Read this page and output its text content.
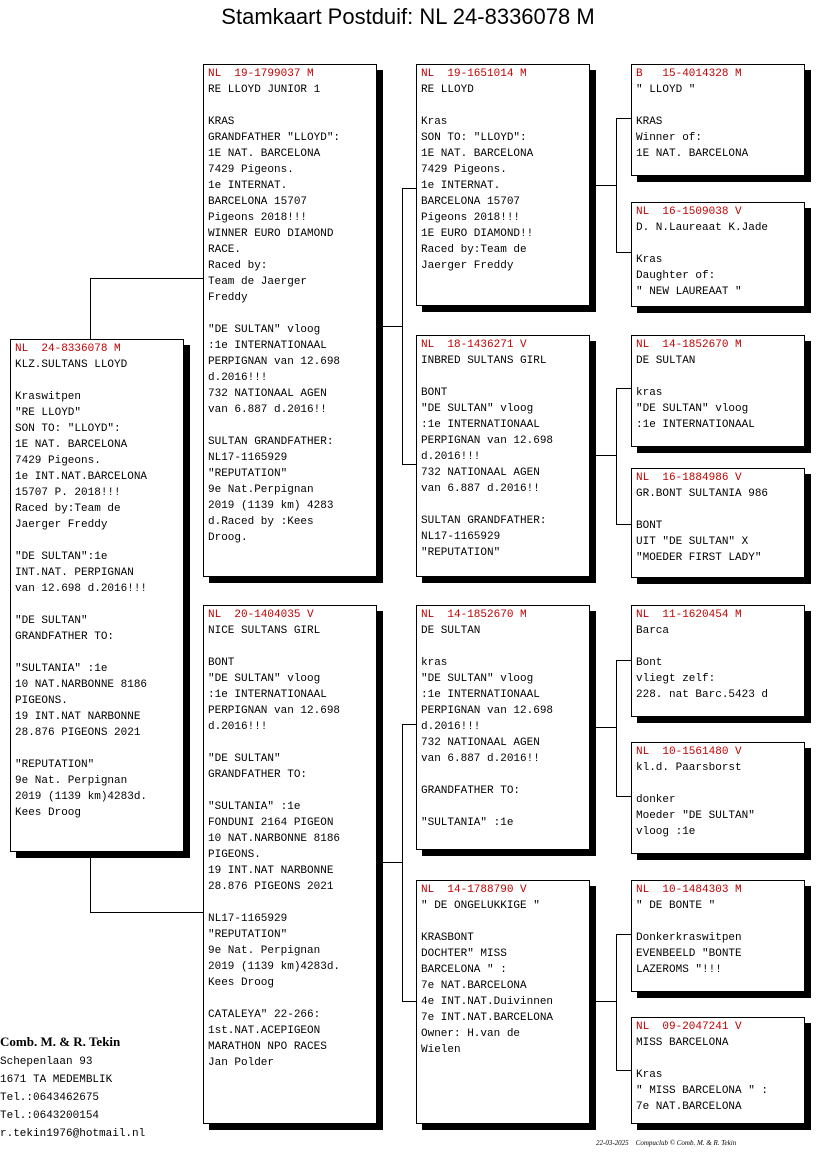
Stamkaart Postduif: NL 24-8336078 M
NL  24-8336078 M
KLZ.SULTANS LLOYD

Kraswitpen
"RE LLOYD"
SON TO: "LLOYD":
1E NAT. BARCELONA
7429 Pigeons.
1e INT.NAT.BARCELONA
15707 P. 2018!!!
Raced by:Team de
Jaerger Freddy

"DE SULTAN":1e
INT.NAT. PERPIGNAN
van 12.698 d.2016!!!

"DE SULTAN"
GRANDFATHER TO:

"SULTANIA" :1e
10 NAT.NARBONNE 8186
PIGEONS.
19 INT.NAT NARBONNE
28.876 PIGEONS 2021

"REPUTATION"
9e Nat. Perpignan
2019 (1139 km)4283d.
Kees Droog
NL  19-1799037 M
RE LLOYD JUNIOR 1

KRAS
GRANDFATHER "LLOYD":
1E NAT. BARCELONA
7429 Pigeons.
1e INTERNAT.
BARCELONA 15707
Pigeons 2018!!!
WINNER EURO DIAMOND
RACE.
Raced by:
Team de Jaerger
Freddy

"DE SULTAN" vloog
:1e INTERNATIONAAL
PERPIGNAN van 12.698
d.2016!!!
732 NATIONAAL AGEN
van 6.887 d.2016!!

SULTAN GRANDFATHER:
NL17-1165929
"REPUTATION"
9e Nat.Perpignan
2019 (1139 km) 4283
d.Raced by :Kees
Droog.
NL  20-1404035 V
NICE SULTANS GIRL

BONT
"DE SULTAN" vloog
:1e INTERNATIONAAL
PERPIGNAN van 12.698
d.2016!!!

"DE SULTAN"
GRANDFATHER TO:

"SULTANIA" :1e
FONDUNI 2164 PIGEON
10 NAT.NARBONNE 8186
PIGEONS.
19 INT.NAT NARBONNE
28.876 PIGEONS 2021

NL17-1165929
"REPUTATION"
9e Nat. Perpignan
2019 (1139 km)4283d.
Kees Droog

CATALEYA" 22-266:
1st.NAT.ACEPIGEON
MARATHON NPO RACES
Jan Polder
NL  19-1651014 M
RE LLOYD

Kras
SON TO: "LLOYD":
1E NAT. BARCELONA
7429 Pigeons.
1e INTERNAT.
BARCELONA 15707
Pigeons 2018!!!
1E EURO DIAMOND!!
Raced by:Team de
Jaerger Freddy
NL  18-1436271 V
INBRED SULTANS GIRL

BONT
"DE SULTAN" vloog
:1e INTERNATIONAAL
PERPIGNAN van 12.698
d.2016!!!
732 NATIONAAL AGEN
van 6.887 d.2016!!

SULTAN GRANDFATHER:
NL17-1165929
"REPUTATION"
NL  14-1852670 M
DE SULTAN

kras
"DE SULTAN" vloog
:1e INTERNATIONAAL
PERPIGNAN van 12.698
d.2016!!!
732 NATIONAAL AGEN
van 6.887 d.2016!!

GRANDFATHER TO:

"SULTANIA" :1e
NL  14-1788790 V
" DE ONGELUKKIGE "

KRASBONT
DOCHTER" MISS
BARCELONA " :
7e NAT.BARCELONA
4e INT.NAT.Duivinnen
7e INT.NAT.BARCELONA
Owner: H.van de
Wielen
B   15-4014328 M
" LLOYD "

KRAS
Winner of:
1E NAT. BARCELONA
NL  16-1509038 V
D. N.Laureaat K.Jade

Kras
Daughter of:
" NEW LAUREAAT "
NL  14-1852670 M
DE SULTAN

kras
"DE SULTAN" vloog
:1e INTERNATIONAAL
NL  16-1884986 V
GR.BONT SULTANIA 986

BONT
UIT "DE SULTAN" X
"MOEDER FIRST LADY"
NL  11-1620454 M
Barca

Bont
vliegt zelf:
228. nat Barc.5423 d
NL  10-1561480 V
kl.d. Paarsborst

donker
Moeder "DE SULTAN"
vloog :1e
NL  10-1484303 M
" DE BONTE "

Donkerkraswitpen
EVENBEELD "BONTE
LAZEROMS "!!!
NL  09-2047241 V
MISS BARCELONA

Kras
" MISS BARCELONA " :
7e NAT.BARCELONA
Comb. M. & R. Tekin
Schepenlaan 93
1671 TA MEDEMBLIK
Tel.:0643462675
Tel.:0643200154
r.tekin1976@hotmail.nl
22-03-2025    Compuclub © Comb. M. & R. Tekin
